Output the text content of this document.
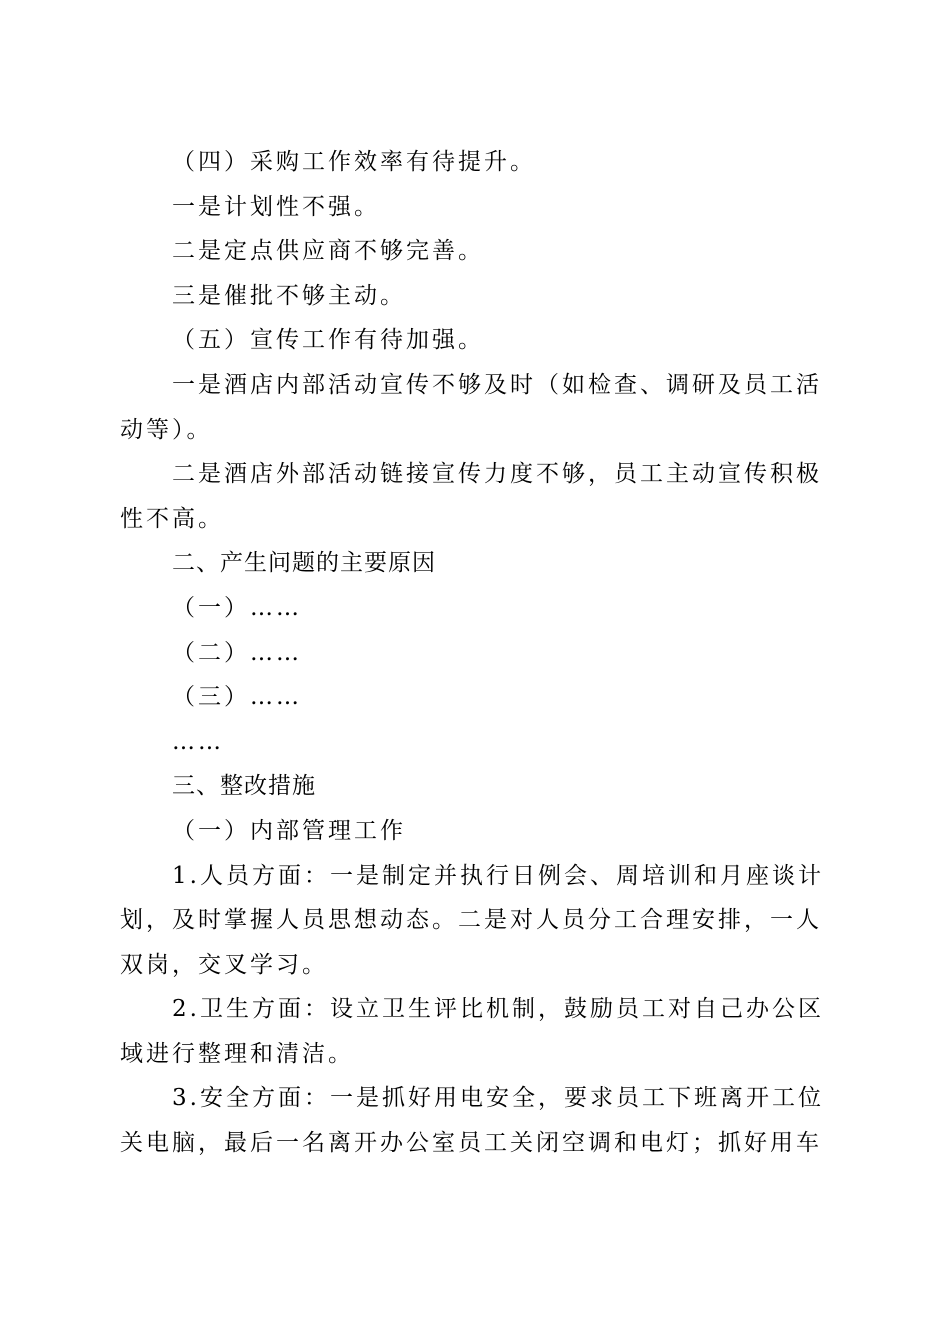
（四）采购工作效率有待提升。

一是计划性不强。

二是定点供应商不够完善。

三是催批不够主动。

（五）宣传工作有待加强。

一是酒店内部活动宣传不够及时（如检查、调研及员工活

动等）。

二是酒店外部活动链接宣传力度不够，员工主动宣传积极

性不高。

二、产生问题的主要原因

（一）……

（二）……

（三）……

……

三、整改措施

（一）内部管理工作

1.人员方面：一是制定并执行日例会、周培训和月座谈计

划，及时掌握人员思想动态。二是对人员分工合理安排，一人

双岗，交叉学习。

2.卫生方面：设立卫生评比机制，鼓励员工对自己办公区

域进行整理和清洁。

3.安全方面：一是抓好用电安全，要求员工下班离开工位

关电脑，最后一名离开办公室员工关闭空调和电灯；抓好用车
